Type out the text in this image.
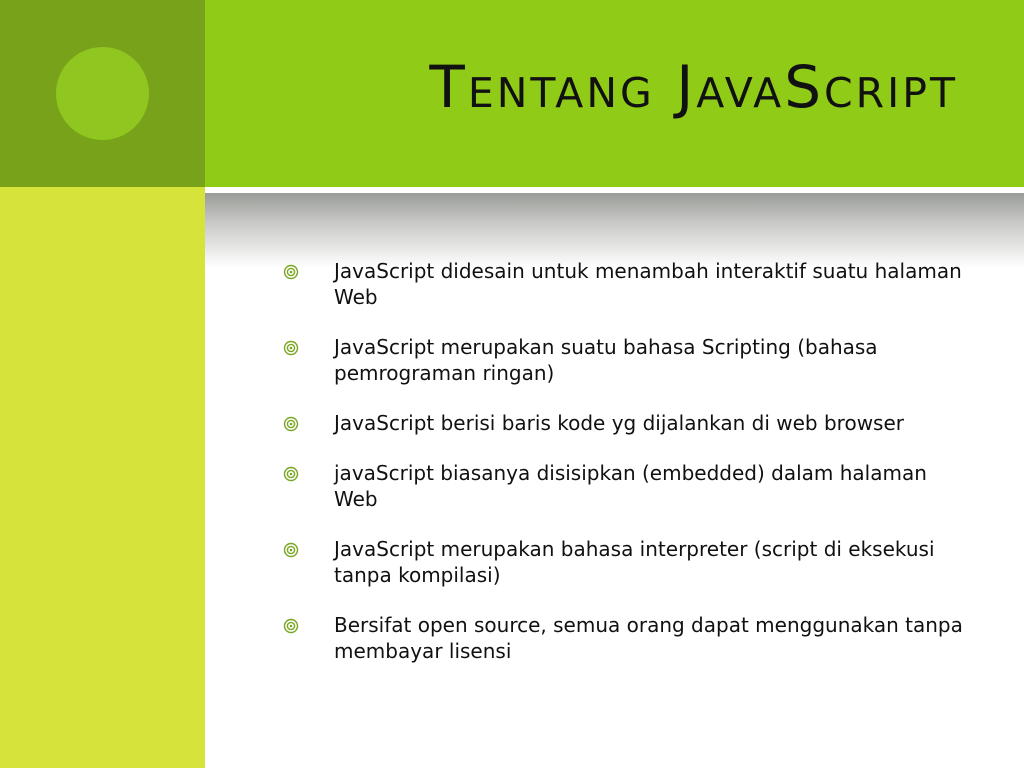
Tentang JavaScript
JavaScript didesain untuk menambah interaktif suatu halaman Web
JavaScript merupakan suatu bahasa Scripting (bahasa pemrograman ringan)
JavaScript berisi baris kode yg dijalankan di web browser
javaScript biasanya disisipkan (embedded) dalam halaman Web
JavaScript merupakan bahasa interpreter (script di eksekusi tanpa kompilasi)
Bersifat open source, semua orang dapat menggunakan tanpa membayar lisensi
